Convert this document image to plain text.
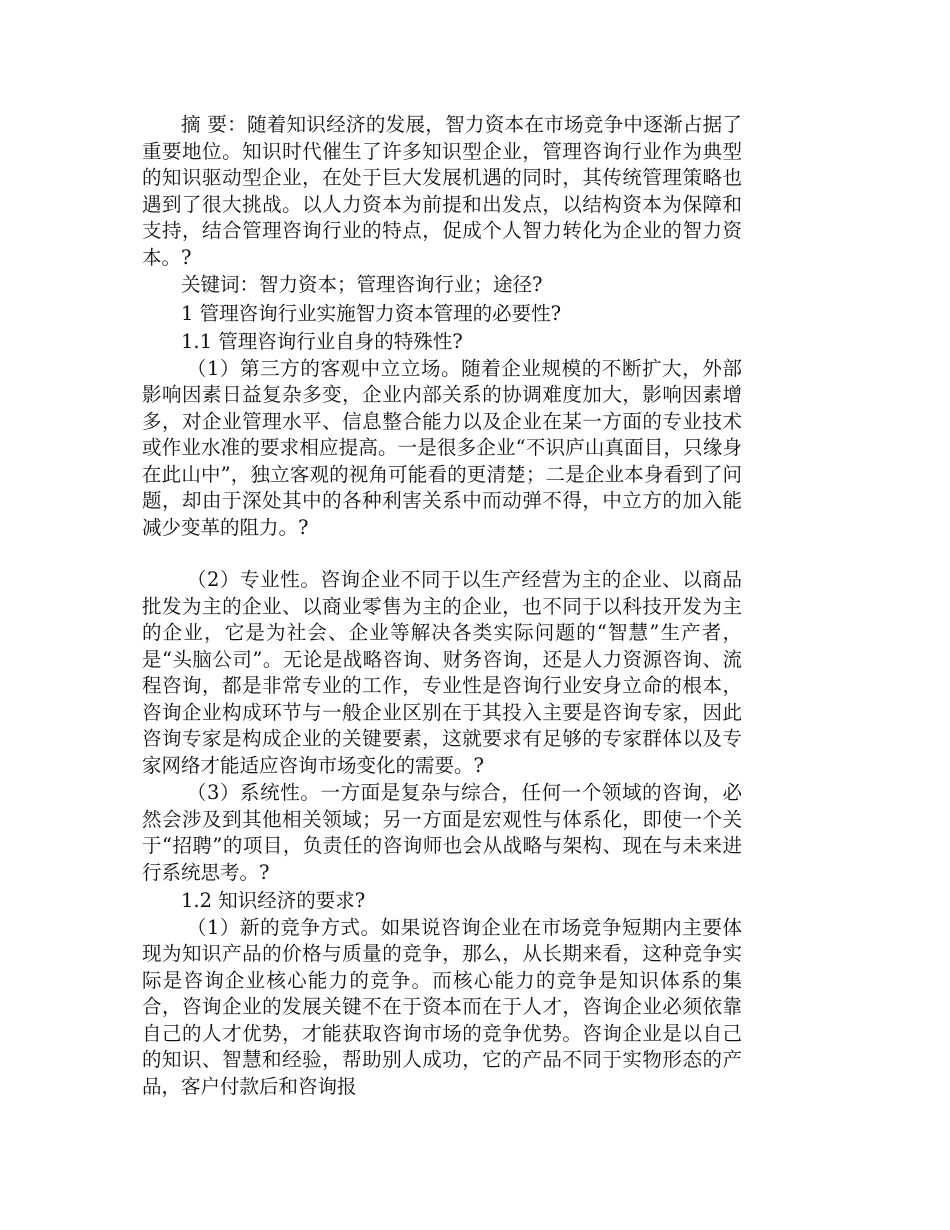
摘 要：随着知识经济的发展，智力资本在市场竞争中逐渐占据了重要地位。知识时代催生了许多知识型企业，管理咨询行业作为典型的知识驱动型企业，在处于巨大发展机遇的同时，其传统管理策略也遇到了很大挑战。以人力资本为前提和出发点，以结构资本为保障和支持，结合管理咨询行业的特点，促成个人智力转化为企业的智力资本。?

关键词：智力资本；管理咨询行业；途径?

1 管理咨询行业实施智力资本管理的必要性?

1.1 管理咨询行业自身的特殊性?

（1）第三方的客观中立立场。随着企业规模的不断扩大，外部影响因素日益复杂多变，企业内部关系的协调难度加大，影响因素增多，对企业管理水平、信息整合能力以及企业在某一方面的专业技术或作业水准的要求相应提高。一是很多企业“不识庐山真面目，只缘身在此山中”，独立客观的视角可能看的更清楚；二是企业本身看到了问题，却由于深处其中的各种利害关系中而动弹不得，中立方的加入能减少变革的阻力。?

（2）专业性。咨询企业不同于以生产经营为主的企业、以商品批发为主的企业、以商业零售为主的企业，也不同于以科技开发为主的企业，它是为社会、企业等解决各类实际问题的“智慧”生产者，是“头脑公司”。无论是战略咨询、财务咨询，还是人力资源咨询、流程咨询，都是非常专业的工作，专业性是咨询行业安身立命的根本，咨询企业构成环节与一般企业区别在于其投入主要是咨询专家，因此咨询专家是构成企业的关键要素，这就要求有足够的专家群体以及专家网络才能适应咨询市场变化的需要。?

（3）系统性。一方面是复杂与综合，任何一个领域的咨询，必然会涉及到其他相关领域；另一方面是宏观性与体系化，即使一个关于“招聘”的项目，负责任的咨询师也会从战略与架构、现在与未来进行系统思考。?

1.2 知识经济的要求?

（1）新的竞争方式。如果说咨询企业在市场竞争短期内主要体现为知识产品的价格与质量的竞争，那么，从长期来看，这种竞争实际是咨询企业核心能力的竞争。而核心能力的竞争是知识体系的集合，咨询企业的发展关键不在于资本而在于人才，咨询企业必须依靠自己的人才优势，才能获取咨询市场的竞争优势。咨询企业是以自己的知识、智慧和经验，帮助别人成功，它的产品不同于实物形态的产品，客户付款后和咨询报
